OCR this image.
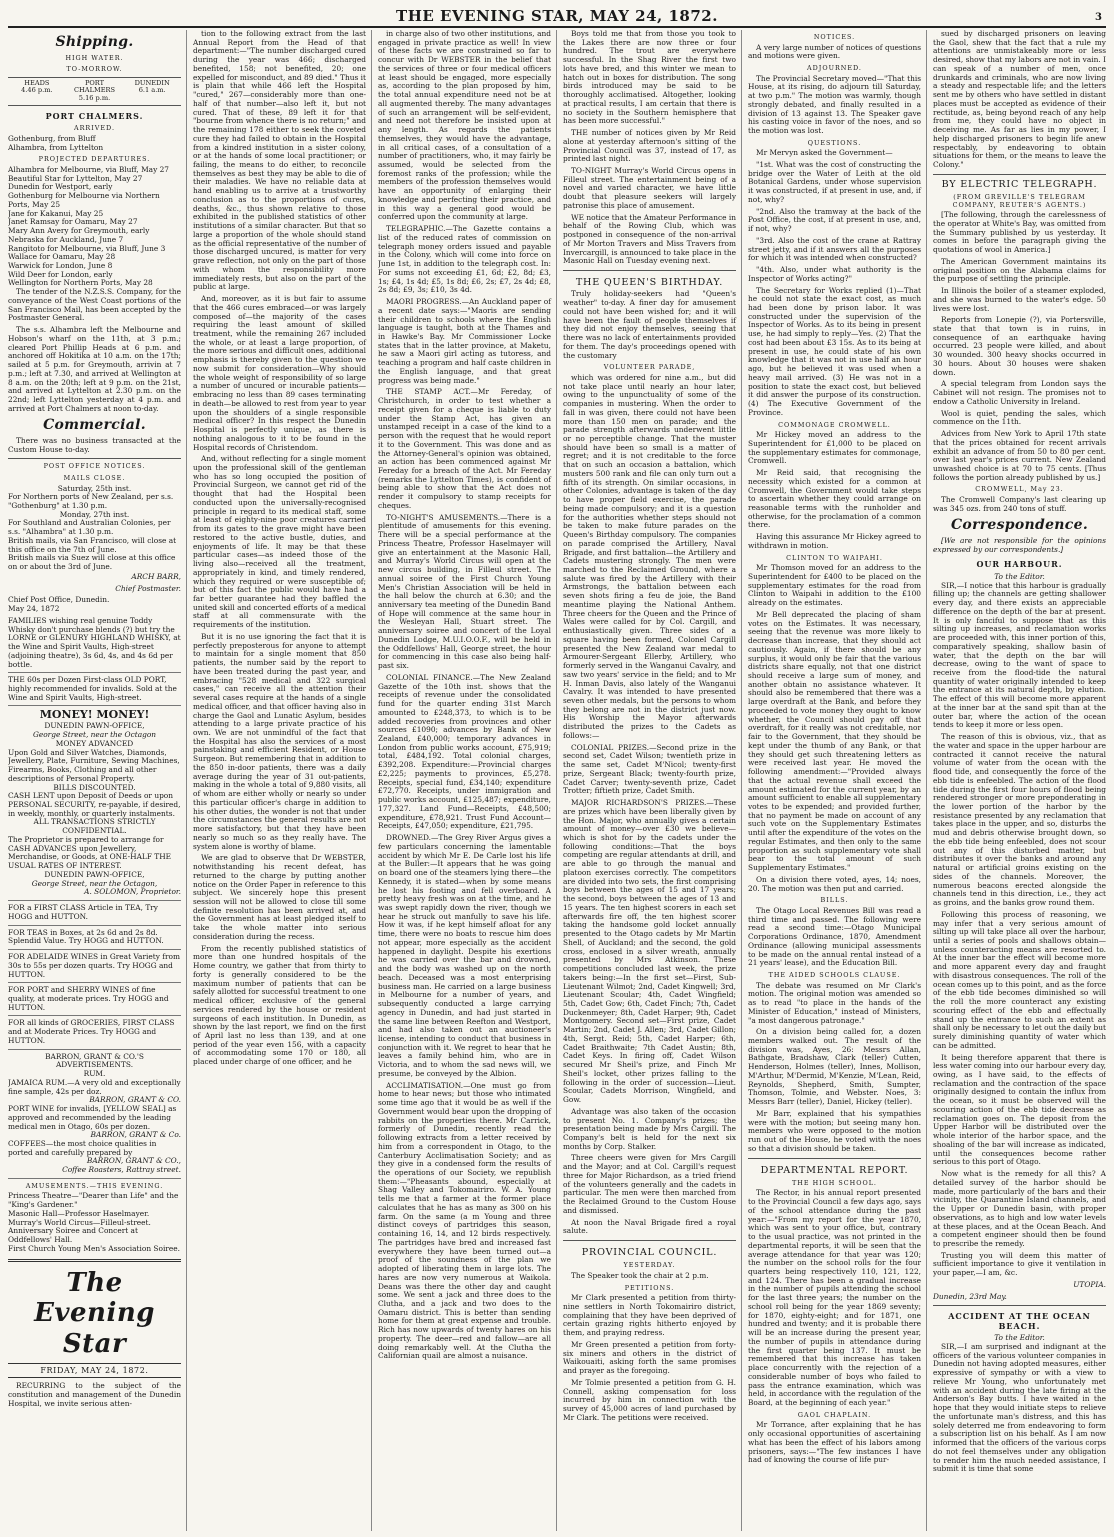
THE EVENING STAR, MAY 24, 1872.	3
Shipping.
HIGH WATER.
TO-MORROW.
HEADS
4.46 p.m.
PORT CHALMERS
5.16 p.m.
DUNEDIN
6.1 a.m.
PORT CHALMERS.
ARRIVED.
Gothenburg, from Bluff
Alhambra, from Lyttelton
PROJECTED DEPARTURES.
Alhambra for Melbourne, via Bluff, May 27
Beautiful Star for Lyttelton, May 27
Dunedin for Westport, early
Gothenburg for Melbourne via Northern Ports, May 25
Jane for Kakanui, May 25
Janet Ramsay for Oamaru, May 27
Mary Ann Avery for Greymouth, early
Nebraska for Auckland, June 7
Rangitoto for Melbourne, via Bluff, June 3
Wallace for Oamaru, May 28
Warwick for London, June 8
Wild Deer for London, early
Wellington for Northern Ports, May 28

The tender of the N.Z.S.S. Company, for the conveyance of the West Coast portions of the San Francisco Mail, has been accepted by the Postmaster General.

The s.s. Alhambra left the Melbourne and Hobson's wharf on the 11th, at 3 p.m.; cleared Port Phillip Heads at 6 p.m. and anchored off Hokitika at 10 a.m. on the 17th; sailed at 5 p.m. for Greymouth, arrivin at 7 p.m.; left at 7.30, and arrived at Wellington at 8 a.m. on the 20th; left at 9 p.m. on the 21st, and arrived at Lyttelton at 2.30 p.m. on the 22nd; left Lyttelton yesterday at 4 p.m. and arrived at Port Chalmers at noon to-day.

Commercial.

There was no business transacted at the Custom House to-day.

POST OFFICE NOTICES.
MAILS CLOSE.
Saturday, 25th inst.
For Northern ports of New Zealand, per s.s. "Gothenburg" at 1.30 p.m.
Monday, 27th inst.
For Southland and Australian Colonies, per s.s. "Alhambra" at 1.30 p.m.
British mails, via San Francisco, will close at this office on the 7th of June.
British mails via Suez will close at this office on or about the 3rd of June.
ARCH BARR,
Chief Postmaster.
Chief Post Office, Dunedin.
May 24, 1872
FAMILIES wishing real genuine Toddy Whisky don't purchase blends (?) but try the LORNE or GLENURY HIGHLAND WHISKY, at the Wine and Spirit Vaults, High-street (adjoining theatre), 3s 6d, 4s, and 4s 6d per bottle.
THE 60s per Dozen First-class OLD PORT, highly recommended for invalids. Sold at the Wine and Spirit Vaults, High-street.
MONEY! MONEY!
DUNEDIN PAWN-OFFICE,
George Street, near the Octagon
MONEY ADVANCED
Upon Gold and Silver Watches, Diamonds, Jewellery, Plate, Furniture, Sewing Machines, Firearms, Books, Clothing and all other descriptions of Personal Property.
BILLS DISCOUNTED.
CASH LENT upon Deposit of Deeds or upon PERSONAL SECURITY, re-payable, if desired, in weekly, monthly, or quarterly instalments.
ALL TRANSACTIONS STRICTLY CONFIDENTIAL.
The Proprietor is prepared to arrange for CASH ADVANCES upon Jewellery, Merchandise, or Goods, at ONE-HALF THE USUAL RATES OF INTEREST.
DUNEDIN PAWN-OFFICE,
George Street, near the Octagon,
A. SOLOMON, Proprietor.
FOR a FIRST CLASS Article in TEA, Try HOGG and HUTTON.
FOR TEAS in Boxes, at 2s 6d and 2s 8d. Splendid Value. Try HOGG and HUTTON.
FOR ADELAIDE WINES in Great Variety from 30s to 55s per dozen quarts. Try HOGG and HUTTON.
FOR PORT and SHERRY WINES of fine quality, at moderate prices. Try HOGG and HUTTON.
FOR all kinds of GROCERIES, FIRST CLASS and at Moderate Prices. Try HOGG and HUTTON.
BARRON, GRANT & CO.'S ADVERTISEMENTS.
RUM.
JAMAICA RUM.—A very old and exceptionally fine sample, 42s per doz.
BARRON, GRANT & CO.
PORT WINE for invalids, [YELLOW SEAL] as approved and recommended by the leading medical men in Otago, 60s per dozen.
BARRON, GRANT & Co.
COFFEES—the most choice qualities in ported and carefully prepared by
BARRON, GRANT & CO.,
Coffee Roasters, Rattray street.
AMUSEMENTS.—THIS EVENING.
Princess Theatre—"Dearer than Life" and the "King's Gardener."
Masonic Hall—Professor Haselmayer.
Murray's World Circus—Filleul-street.
Anniversary Soiree and Concert at Oddfellows' Hall.
First Church Young Men's Association Soiree.
The Evening Star
FRIDAY, MAY 24, 1872.

RECURRING to the subject of the constitution and management of the Dunedin Hospital, we invite serious atten-

tion to the following extract from the last Annual Report from the Head of that department:—"The number discharged cured during the year was 466; discharged benefited, 158; not benefited, 20; one expelled for misconduct, and 89 died." Thus it is plain that while 466 left the Hospital "cured," 267—considerably more than one-half of that number—also left it, but not cured. That of these, 89 left it for that "bourne from whence there is no return;" and the remaining 178 either to seek the coveted cure they had failed to obtain in the Hospital from a kindred institution in a sister colony, or at the hands of some local practitioner; or failing, the means to do either, to reconcile themselves as best they may be able to die of their maladies. We have no reliable data at hand enabling us to arrive at a trustworthy conclusion as to the proportions of cures, deaths, &c., thus shown relative to those exhibited in the published statistics of other institutions of a similar character. But that so large a proportion of the whole should stand as the official representative of the number of those discharged uncured, is matter for very grave reflection, not only on the part of those with whom the responsibility more immediately rests, but also on the part of the public at large.

And, moreover, as it is but fair to assume that the 466 cures embraced—or was largely composed of—the majority of the cases requiring the least amount of skilled treatment, while the remaining 267 included the whole, or at least a large proportion, of the more serious and difficult ones, additional emphasis is thereby given to the question we now submit for consideration—Why should the whole weight of responsibility of so large a number of uncured or incurable patients—embracing no less than 89 cases terminating in death—be allowed to rest from year to year upon the shoulders of a single responsible medical officer? In this respect the Dunedin Hospital is perfectly unique, as there is nothing analogous to it to be found in the Hospital records of Christendom.

And, without reflecting for a single moment upon the professional skill of the gentleman who has so long occupied the position of Provincial Surgeon, we cannot get rid of the thought that had the Hospital been conducted upon the universally-recognised principle in regard to its medical staff, some at least of eighty-nine poor creatures carried from its gates to the grave might have been restored to the active bustle, duties, and enjoyments of life. It may be that these particular cases—as indeed those of the living also—received all the treatment, appropriately in kind, and timely rendered, which they required or were susceptible of; but of this fact the public would have had a far better guarantee had they baffled the united skill and concerted efforts of a medical staff at all commensurate with the requirements of the institution.

But it is no use ignoring the fact that it is perfectly preposterous for anyone to attempt to maintain for a single moment that 850 patients, the number said by the report to have been treated during the past year, and embracing "528 medical and 322 surgical cases," can receive all the attention their several cases require at the hands of a single medical officer, and that officer having also in charge the Gaol and Lunatic Asylum, besides attending to a large private practice of his own. We are not unmindful of the fact that the Hospital has also the services of a most painstaking and efficient Resident, or House Surgeon. But remembering that in addition to the 850 in-door patients, there was a daily average during the year of 31 out-patients, making in the whole a total of 9,880 visits, all of whom are either wholly or nearly so under this particular officer's charge in addition to his other duties, the wonder is not that under the circumstances the general results are not more satisfactory, but that they have been nearly so much so as they really have. The system alone is worthy of blame.

We are glad to observe that Dr WEBSTER, notwithstanding his recent defeat, has returned to the charge by putting another notice on the Order Paper in reference to this subject. We sincerely hope this present session will not be allowed to close till some definite resolution has been arrived at, and the Government has at least pledged itself to take the whole matter into serious consideration during the recess.

From the recently published statistics of more than one hundred hospitals of the Home country, we gather that from thirty to forty is generally considered to be the maximum number of patients that can be safely allotted for successful treatment to one medical officer, exclusive of the general services rendered by the house or resident surgeons of each institution. In Dunedin, as shown by the last report, we find on the first of April last no less than 139, and at one period of the year even 156, with a capacity of accommodating some 170 or 180, all placed under charge of one officer, and he

in charge also of two other institutions, and engaged in private practice as well! In view of these facts we are constrained so far to concur with Dr WEBSTER in the belief that the services of three or four medical officers at least should be engaged, more especially as, according to the plan proposed by him, the total annual expenditure need not be at all augmented thereby. The many advantages of such an arrangement will be self-evident, and need not therefore be insisted upon at any length. As regards the patients themselves, they would have the advantage, in all critical cases, of a consultation of a number of practitioners, who, it may fairly be assumed, would be selected from the foremost ranks of the profession; while the members of the profession themselves would have an opportunity of enlarging their knowledge and perfecting their practice, and in this way a general good would be conferred upon the community at large.

TELEGRAPHIC.—The Gazette contains a list of the reduced rates of commission on telegraph money orders issued and payable in the Colony, which will come into force on June 1st, in addition to the telegraph cost. In: For sums not exceeding £1, 6d; £2, 8d; £3, 1s; £4, 1s 4d; £5, 1s 8d; £6, 2s; £7, 2s 4d; £8, 2s 8d; £9, 3s; £10, 3s 4d.

MAORI PROGRESS.—An Auckland paper of a recent date says:—"Maoris are sending their children to schools where the English language is taught, both at the Thames and in Hawke's Bay. Mr Commissioner Locke states that in the latter province, at Maketu, he saw a Maori girl acting as tutoress, and teaching a program and half caste children in the English language, and that great progress was being made."

THE STAMP ACT.—Mr Fereday, of Christchurch, in order to test whether a receipt given for a cheque is liable to duty under the Stamp Act, has given an unstamped receipt in a case of the kind to a person with the request that he would report it to the Government. This was done and as the Attorney-General's opinion was obtained, an action has been commenced against Mr Fereday for a breach of the Act. Mr Fereday (remarks the Lyttelton Times), is confident of being able to show that the Act does not render it compulsory to stamp receipts for cheques.

TO-NIGHT'S AMUSEMENTS.—There is a plentitude of amusements for this evening. There will be a special performance at the Princess Theatre, Professor Haselmayer will give an entertainment at the Masonic Hall, and Murray's World Circus will open at the new circus building, in Filleul street. The annual soiree of the First Church Young Men's Christian Association will be held in the hall below the church at 6.30; and the anniversary tea meeting of the Dunedin Band of Hope will commence at the same hour in the Wesleyan Hall, Stuart street. The anniversary soiree and concert of the Loyal Dunedin Lodge, M.U.I.O.O.F., will be held in the Oddfellows' Hall, George street, the hour for commencing in this case also being half-past six.

COLONIAL FINANCE.—The New Zealand Gazette of the 10th inst. shows that the receipts of revenue under the consolidated fund for the quarter ending 31st March amounted to £248,373, to which is to be added recoveries from provinces and other sources £1090; advances by Bank of New Zealand, £40,000; temporary advances in London from public works account, £75,919; total, £484,192. Total colonial charges, £392,208. Expenditure:—Provincial charges £2,225; payments to provinces, £5,278. Receipts, special fund, £34,140; expenditure £72,770. Receipts, under immigration and public works account, £125,487; expenditure, 177,327. Land Fund—Receipts, £48,500; expenditure, £78,921. Trust Fund Account—Receipts, £47,050; expenditure, £21,795.

DROWNED.—The Grey River Argus gives a few particulars concerning the lamentable accident by which Mr E. De Carle lost his life at the Buller:—It appears that he was going on board one of the steamers lying there—the Kennedy, it is stated—when by some means he lost his footing and fell overboard. A pretty heavy fresh was on at the time, and he was swept rapidly down the river, though we hear he struck out manfully to save his life. How it was, if he kept himself afloat for any time, there were no boats to rescue him does not appear, more especially as the accident happened in daylight. Despite his exertions he was carried over the bar and drowned, and the body was washed up on the north beach. Deceased was a most enterprising business man. He carried on a large business in Melbourne for a number of years, and subsequently conducted a large carrying agency in Dunedin, and had just started in the same line between Reefton and Westport, and had also taken out an auctioneer's license, intending to conduct that business in conjunction with it. We regret to hear that he leaves a family behind him, who are in Victoria, and to whom the sad news will, we presume, be conveyed by the Albion.

ACCLIMATISATION.—One must go from home to hear news; but those who intimated some time ago that it would be as well if the Government would bear upon the dropping of rabbits on the properties there. Mr Carrick, formerly of Dunedin, recently read the following extracts from a letter received by him from a correspondent in Otago, to the Canterbury Acclimatisation Society; and as they give in a condensed form the results of the operations of our Society, we republish them:—"Pheasants abound, especially at Shag Valley and Tokomairiro. W. A. Young tells me that a farmer at the former place calculates that he has as many as 300 on his farm. On the same (a m Young and three distinct coveys of partridges this season, containing 16, 14, and 12 birds respectively. The partridges have bred and increased fast everywhere they have been turned out—a proof of the soundness of the plan we adopted of liberating them in large lots. The hares are now very numerous at Waikola. Deans was there the other day and caught some. We sent a jack and three does to the Clutha, and a jack and two does to the Oamaru district. This is better than sending home for them at great expense and trouble. Rich has now upwards of twenty hares on his property. The deer—red and fallow—are all doing remarkably well. At the Clutha the Californian quail are almost a nuisance.

Boys told me that from those you took to the Lakes there are now three or four hundred. The trout are everywhere successful. In the Shag River the first two lots have bred, and this winter we mean to hatch out in boxes for distribution. The song birds introduced may be said to be thoroughly acclimatised. Altogether, looking at practical results, I am certain that there is no society in the Southern hemisphere that has been more successful."

THE number of notices given by Mr Reid alone at yesterday afternoon's sitting of the Provincial Council was 37, instead of 17, as printed last night.

TO-NIGHT Murray's World Circus opens in Filleul street. The entertainment being of a novel and varied character, we have little doubt that pleasure seekers will largely patronise this place of amusement.

WE notice that the Amateur Performance in behalf of the Rowing Club, which was postponed in consequence of the non-arrival of Mr Morton Travers and Miss Travers from Invercargill, is announced to take place in the Masonic Hall on Tuesday evening next.

THE QUEEN'S BIRTHDAY.

Truly holiday-seekers had "Queen's weather" to-day. A finer day for amusement could not have been wished for; and it will have been the fault of people themselves if they did not enjoy themselves, seeing that there was no lack of entertainments provided for them. The day's proceedings opened with the customary

VOLUNTEER PARADE,

which was ordered for nine a.m., but did not take place until nearly an hour later, owing to the unpunctuality of some of the companies in mustering. When the order to fall in was given, there could not have been more than 150 men on parade; and the parade strength afterwards underwent little or no perceptible change. That the muster should have been so small is a matter of regret; and it is not creditable to the force that on such an occasion a battalion, which musters 500 rank and file can only turn out a fifth of its strength. On similar occasions, in other Colonies, advantage is taken of the day to have proper field exercise, the parade being made compulsory; and it is a question for the authorities whether steps should not be taken to make future parades on the Queen's Birthday compulsory. The companies on parade comprised the Artillery, Naval Brigade, and first battalion—the Artillery and Cadets mustering strongly. The men were marched to the Reclaimed Ground, where a salute was fired by the Artillery with their Armstrongs, the battalion between each seven shots firing a feu de joie, the Band meantime playing the National Anthem. Three cheers for the Queen and the Prince of Wales were called for by Col. Cargill, and enthusiastically given. Three sides of a square having been formed, Colonel Cargill presented the New Zealand war medal to Armourer-Sergeant Ellerby, Artillery, who formerly served in the Wanganui Cavalry, and saw two years' service in the field; and to Mr H. Inman Davis, also lately of the Wanganui Cavalry. It was intended to have presented seven other medals, but the persons to whom they belong are not in the district just now. His Worship the Mayor afterwards distributed the prizes to the Cadets as follows:—

COLONIAL PRIZES.—Second prize in the second set, Cadet Wilson; twentieth prize in the same set, Cadet M'Nicol; twenty-first prize, Sergeant Black; twenty-fourth prize, Cadet Carver; twenty-seventh prize, Cadet Trotter; fiftieth prize, Cadet Smith.

MAJOR RICHARDSON'S PRIZES.—These are prizes which have been liberally given by the Hon. Major, who annually gives a certain amount of money—over £30 we believe—which is shot for by the cadets under the following conditions:—That the boys competing are regular attendants at drill, and are able to go through the manual and platoon exercises correctly. The competitors are divided into two sets, the first comprising boys between the ages of 15 and 17 years; the second, boys between the ages of 13 and 15 years. The ten highest scorers in each set afterwards fire off, the ten highest scorer taking the handsome gold locket annually presented to the Otago cadets by Mr Martin Shell, of Auckland; and the second, the gold cross, enclosed in a silver wreath, annually presented by Mrs Atkinson. These competitions concluded last week, the prize takers being:—In the first set—First, Sub-Lieutenant Wilmot; 2nd, Cadet Kingwell; 3rd, Lieutenant Scoular; 4th, Cadet Wingfield; 5th, Cadet Gow; 6th, Cadet Finch; 7th, Cadet Duckenmeyer; 8th, Cadet Harper; 9th, Cadet Montgomery. Second set—First prize, Cadet Martin; 2nd, Cadet J. Allen; 3rd, Cadet Gillon; 4th, Sergt. Reid; 5th, Cadet Harper; 6th, Cadet Braithwaite; 7th Cadet Austin; 8th, Cadet Keys. In firing off, Cadet Wilson secured Mr Sheil's prize, and Finch Mr Sheil's locket, other prizes falling to the following in the order of succession—Lieut. Scoular, Cadets Morrison, Wingfield, and Gow.

Advantage was also taken of the occasion to present No. 1. Company's prizes; the presentation being made by Mrs Cargill. The Company's belt is held for the next six months by Corp. Stalker.

Three cheers were given for Mrs Cargill and the Mayor; and at Col. Cargill's request three for Major Richardson, as a tried friend of the volunteers generally and the cadets in particular. The men were then marched from the Reclaimed Ground to the Custom House and dismissed.

At noon the Naval Brigade fired a royal salute.

PROVINCIAL COUNCIL.
YESTERDAY.

The Speaker took the chair at 2 p.m.

PETITIONS.

Mr Clark presented a petition from thirty-nine settlers in North Tokomairiro district, complaining that they have been deprived of certain grazing rights hitherto enjoyed by them, and praying redress.

Mr Green presented a petition from forty-six miners and others in the district of Waikouaiti, asking forth the same promises and prayer as the foregoing.

Mr Tolmie presented a petition from G. H. Connell, asking compensation for loss incurred by him in connection with the survey of 45,000 acres of land purchased by Mr Clark. The petitions were received.

NOTICES.

A very large number of notices of questions and motions were given.

ADJOURNED.

The Provincial Secretary moved—"That this House, at its rising, do adjourn till Saturday, at two p.m." The motion was warmly, though strongly debated, and finally resulted in a division of 13 against 13. The Speaker gave his casting voice in favor of the noes, and so the motion was lost.

QUESTIONS.

Mr Mervyn asked the Government—

"1st. What was the cost of constructing the bridge over the Water of Leith at the old Botanical Gardens, under whose supervision it was constructed, if at present in use, and, if not, why?

"2nd. Also the tramway at the back of the Post Office, the cost, if at present in use, and, if not, why?

"3rd. Also the cost of the crane at Rattray street jetty, and if it answers all the purposes for which it was intended when constructed?

"4th. Also, under what authority is the Inspector of Works acting?"

The Secretary for Works replied (1)—That he could not state the exact cost, as much had been done by prison labor. It was constructed under the supervision of the Inspector of Works. As to its being in present use, he had simply to reply—Yes. (2) That the cost had been about £3 15s. As to its being at present in use, he could state of his own knowledge that it was not in use half an hour ago, but he believed it was used when a heavy mail arrived. (3) He was not in a position to state the exact cost, but believed it did answer the purpose of its construction. (4) The Executive Government of the Province.

COMMONAGE CROMWELL.

Mr Hickey moved an address to the Superintendent for £1,000 to be placed on the supplementary estimates for commonage, Cromwell.

Mr Reid said, that recognising the necessity which existed for a common at Cromwell, the Government would take steps to ascertain whether they could arrange on reasonable terms with the runholder and otherwise, for the proclamation of a common there.

Having this assurance Mr Hickey agreed to withdrawn in motion.

CLINTON TO WAIPAHI.

Mr Thomson moved for an address to the Superintendent for £400 to be placed on the supplementary estimates for the road from Clinton to Waipahi in addition to the £100 already on the estimates.

Mr Bell deprecated the placing of sham votes on the Estimates. It was necessary, seeing that the revenue was more likely to decrease than increase, that they should act cautiously. Again, if there should be any surplus, it would only be fair that the various districts share equally, not that one district should receive a large sum of money, and another obtain no assistance whatever. It should also be remembered that there was a large overdraft at the Bank, and before they proceeded to vote money they ought to know whether, the Council should pay off that overdraft, for it really was not creditable, nor fair to the Government, that they should be kept under the thumb of any Bank, or that they should get such threatening letters as were received last year. He moved the following amendment:—"Provided always that the actual revenue shall exceed the amount estimated for the current year, by an amount sufficient to enable all supplementary votes to be expended; and provided further, that no payment be made on account of any such vote on the Supplementary Estimates until after the expenditure of the votes on the regular Estimates, and then only to the same proportion as such supplementary vote shall bear to the total amount of such Supplementary Estimates."

On a division there voted, ayes, 14; noes, 20. The motion was then put and carried.

BILLS.

The Otago Local Revenues Bill was read a third time and passed. The following were read a second time:—Otago Municipal Corporations Ordinance, 1870, Amendment Ordinance (allowing municipal assessments to be made on the annual rental instead of a 21 years' lease), and the Education Bill.

THE AIDED SCHOOLS CLAUSE.

The debate was resumed on Mr Clark's motion. The original motion was amended so as to read "to place in the hands of the Minister of Education," instead of Ministers, "a most dangerous patronage."

On a division being called for, a dozen members walked out. The result of the division was, Ayes, 26: Messrs Allan, Bathgate, Bradshaw, Clark (teller) Cutten, Henderson, Holmes (teller), Innes, Mollison, M'Arthur, M'Dermid, M'Kenzie, M'Lean, Reid, Reynolds, Shepherd, Smith, Sumpter, Thomson, Tolmie, and Webster. Noes, 3: Messrs Barr (teller), Daniel, Hickey (teller).

Mr Barr, explained that his sympathies were with the motion; but seeing many hon. members who were opposed to the motion run out of the House, he voted with the noes so that a division should be taken.

DEPARTMENTAL REPORT.
THE HIGH SCHOOL.

The Rector, in his annual report presented to the Provincial Council a few days ago, says of the school attendance during the past year:—"From my report for the year 1870, which was sent to your office, but, contrary to the usual practice, was not printed in the departmental reports, it will be seen that the average attendance for that year was 120; the number on the school rolls for the four quarters being respectively 110, 121, 122, and 124. There has been a gradual increase in the number of pupils attending the school for the last three years; the number on the school roll being for the year 1869 seventy; for 1870, eighty-eight; and for 1871, one hundred and twenty; and it is probable there will be an increase during the present year, the number of pupils in attendance during the first quarter being 137. It must be remembered that this increase has taken place concurrently with the rejection of a considerable number of boys who failed to pass the entrance examination, which was held, in accordance with the regulation of the Board, at the beginning of each year."

GAOL CHAPLAIN.

Mr Torrance, after explaining that he has only occasional opportunities of ascertaining what has been the effect of his labors among prisoners, says:—"The few instances I have had of knowing the course of life pur-

sued by discharged prisoners on leaving the Gaol, shew that the fact that a rule my attentions are unmistakeably more or less desired, show that my labors are not in vain. I can speak of a number of men, once drunkards and criminals, who are now living a steady and respectable life; and the letters sent me by others who have settled in distant places must be accepted as evidence of their rectitude, as, being beyond reach of any help from me, they could have no object in deceiving me. As far as lies in my power, I help discharged prisoners to begin life anew respectably, by endeavoring to obtain situations for them, or the means to leave the Colony."

BY ELECTRIC TELEGRAPH.
(FROM GREVILLE'S TELEGRAM COMPANY, REUTER'S AGENTS.)

[The following, through the carelessness of the operator at White's Bay, was omitted from the Summary published by us yesterday. It comes in before the paragraph giving the quotations of wool in America.]

The American Government maintains its original position on the Alabama claims for the purpose of settling the principle.

In Illinois the boiler of a steamer exploded, and she was burned to the water's edge. 50 lives were lost.

Reports from Lonepie (?), via Portersville, state that that town is in ruins, in consequence of an earthquake having occurred. 23 people were killed, and about 30 wounded. 300 heavy shocks occurred in 30 hours. About 30 houses were shaken down.

A special telegram from London says the Cabinet will not resign. The promises not to endow a Catholic University in Ireland.

Wool is quiet, pending the sales, which commence on the 11th.

Advices from New York to April 17th state that the prices obtained for recent arrivals exhibit an advance of from 50 to 80 per cent. over last year's prices current. New Zealand unwashed choice is at 70 to 75 cents. [Thus follows the portion already published by us.]

CROMWELL, May 23.

The Cromwell Company's last clearing up was 345 ozs. from 240 tons of stuff.

Correspondence.

[We are not responsible for the opinions expressed by our correspondents.]

OUR HARBOUR.
To the Editor.

SIR,—I notice that this harbour is gradually filling up; the channels are getting shallower every day, and there exists an appreciable difference on the depth of the bar at present. It is only fanciful to suppose that as this silting up increases, and reclamation works are proceeded with, this inner portion of this, comparatively speaking, shallow basin of water, that the depth on the bar will decrease, owing to the want of space to receive from the flood-tide the natural quantity of water originally intended to keep the entrance at its natural depth, by elution. The effect of this will become more apparent at the inner bar at the sand spit than at the outer bar, where the action of the ocean tends to keep it more or less open.

The reason of this is obvious, viz., that as the water and space in the upper harbour are contracted it cannot receive the natural volume of water from the ocean with the flood tide, and consequently the force of the ebb tide is enfeebled. The action of the flood tide during the first four hours of flood being rendered stronger or more preponderating in the lower portion of the harbor by the resistance presented by any reclamation that takes place in the upper, and so, disturbs the mud and debris otherwise brought down, so the ebb tide being enfeebled, does not scour out any of this disturbed matter, but distributes it over the banks and around any natural or artificial groins existing on the sides of the channels. Moreover, the numerous beacons erected alongside the channels tend in this direction, i.e., they act as groins, and the banks grow round them.

Following this process of reasoning, we may infer that a very serious amount of silting up will take place all over the harbour, until a series of pools and shallows obtain—unless counteracting means are resorted to. At the inner bar the effect will become more and more apparent every day and fraught with disastrous consequences. The roll of the ocean comes up to this point, and as the force of the ebb tide becomes diminished so will the roll the more counteract any existing scouring effect of the ebb and effectually stand up the entrance to such an extent as shall only be necessary to let out the daily but surely diminishing quantity of water which can be admitted.

It being therefore apparent that there is less water coming into our harbour every day, owing, as I have said, to the effects of reclamation and the contraction of the space originally designed to contain the influx from the ocean, so it must be observed will the scouring action of the ebb tide decrease as reclamation goes on. The deposit from the Upper Harbor will be distributed over the whole interior of the harbor space, and the shoaling of the bar will increase as indicated, until the consequences become rather serious to this port of Otago.

Now what is the remedy for all this? A detailed survey of the harbor should be made, more particularly of the bars and their vicinity, the Quarantine Island channels, and the Upper or Dunedin basin, with proper observations, as to high and low water levels at these places, and at the Ocean Beach. And a competent engineer should then be found to prescribe the remedy.

Trusting you will deem this matter of sufficient importance to give it ventilation in your paper,—I am, &c.

UTOPIA.
Dunedin, 23rd May.
ACCIDENT AT THE OCEAN BEACH.
To the Editor.

SIR,—I am surprised and indignant at the officers of the various volunteer companies in Dunedin not having adopted measures, either expressive of sympathy or with a view to relieve Mr Young, who unfortunately met with an accident during the late firing at the Anderson's Bay butts. I have waited in the hope that they would initiate steps to relieve the unfortunate man's distress, and this has solely deterred me from endeavoring to form a subscription list on his behalf. As I am now informed that the officers of the various corps do not feel themselves under any obligation to render him the much needed assistance, I submit it is time that some
